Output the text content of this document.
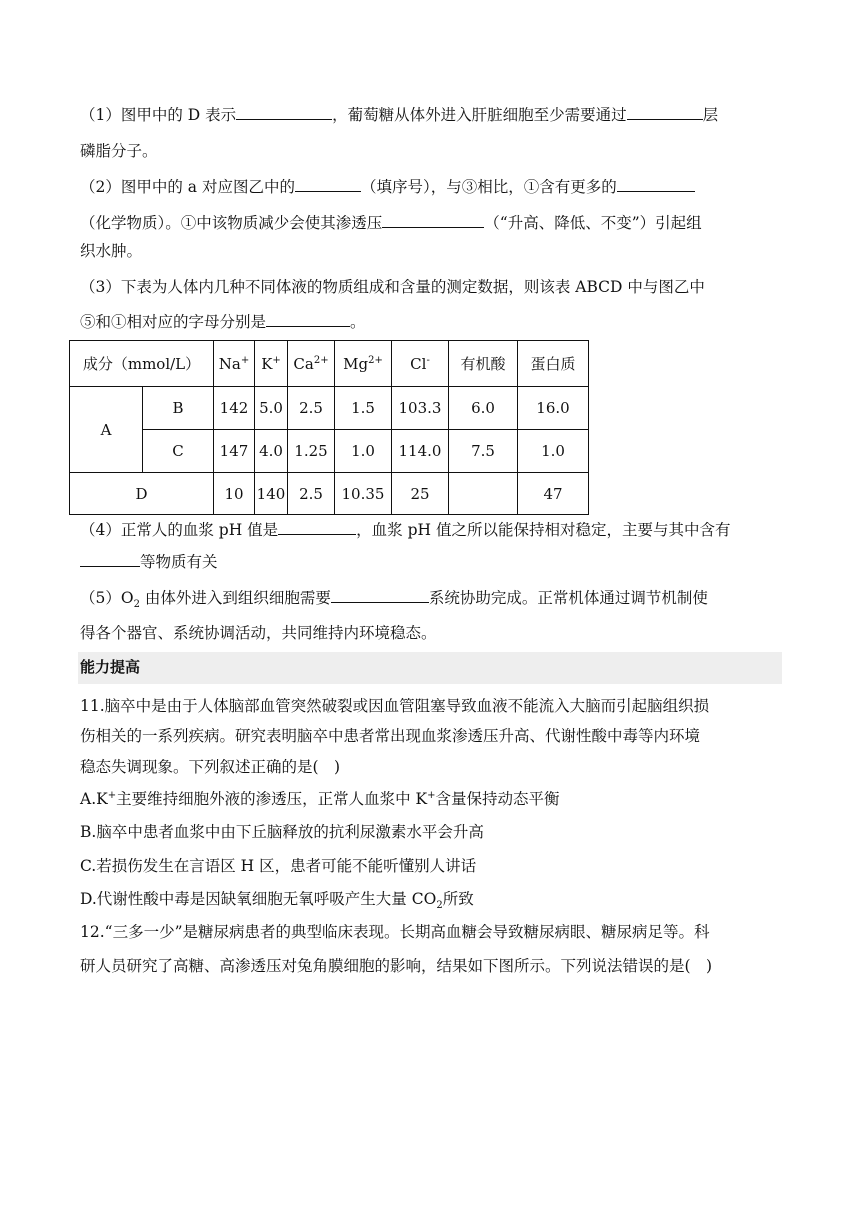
（1）图甲中的 D 表示	，葡萄糖从体外进入肝脏细胞至少需要通过	层
磷脂分子。
（2）图甲中的 a 对应图乙中的	（填序号），与③相比，①含有更多的
（化学物质）。①中该物质减少会使其渗透压	（“升高、降低、不变”）引起组
织水肿。
（3）下表为人体内几种不同体液的物质组成和含量的测定数据，则该表 ABCD 中与图乙中
⑤和①相对应的字母分别是	。
成分（mmol/L）		Na+	K+	$Ca^{2+}$	$Mg^{2+}$	Cl-	有机酸	蛋白质
A	B	142	5.0	2.5	1.5	103.3	6.0	16.0
	C	147	4.0	1.25	1.0	114.0	7.5	1.0
D		10	140	2.5	10.35	25		47
（4）正常人的血浆 pH 值是	，血浆 pH 值之所以能保持相对稳定，主要与其中含有
等物质有关
$(5)O_2$ 由体外进入到组织细胞需要	系统协助完成。正常机体通过调节机制使
得各个器官、系统协调活动，共同维持内环境稳态。
能力提高
11.脑卒中是由于人体脑部血管突然破裂或因血管阻塞导致血液不能流入大脑而引起脑组织损
伤相关的一系列疾病。研究表明脑卒中患者常出现血浆渗透压升高、代谢性酸中毒等内环境
稳态失调现象。下列叙述正确的是(　)
A.K+主要维持细胞外液的渗透压，正常人血浆中 K+含量保持动态平衡
B.脑卒中患者血浆中由下丘脑释放的抗利尿激素水平会升高
C.若损伤发生在言语区 H 区，患者可能不能听懂别人讲话
D.代谢性酸中毒是因缺氧细胞无氧呼吸产生大量 $CO_2$所致
12.“三多一少”是糖尿病患者的典型临床表现。长期高血糖会导致糖尿病眼、糖尿病足等。科
研人员研究了高糖、高渗透压对兔角膜细胞的影响，结果如下图所示。下列说法错误的是(　)
